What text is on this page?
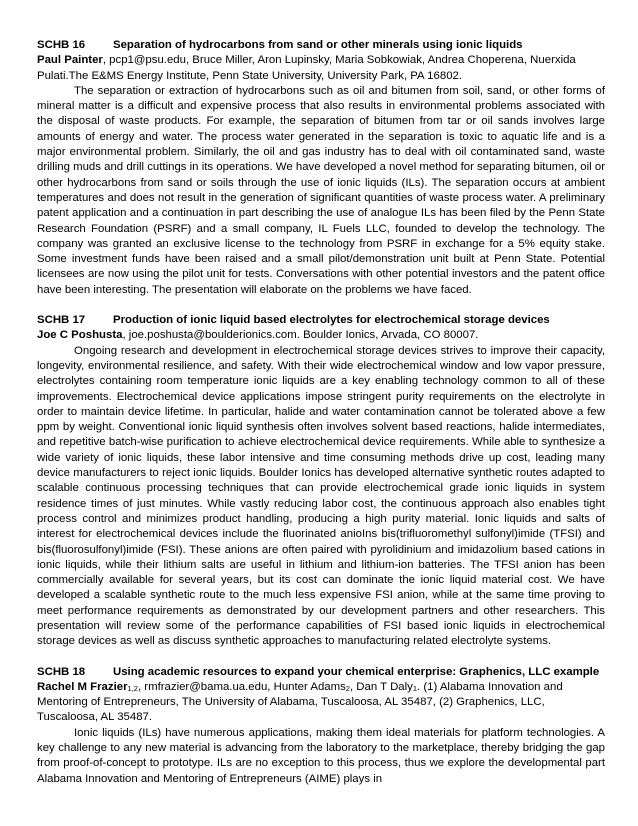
SCHB 16	Separation of hydrocarbons from sand or other minerals using ionic liquids

Paul Painter, pcp1@psu.edu, Bruce Miller, Aron Lupinsky, Maria Sobkowiak, Andrea Choperena, Nuerxida Pulati.The E&MS Energy Institute, Penn State University, University Park, PA 16802.

The separation or extraction of hydrocarbons such as oil and bitumen from soil, sand, or other forms of mineral matter is a difficult and expensive process that also results in environmental problems associated with the disposal of waste products. For example, the separation of bitumen from tar or oil sands involves large amounts of energy and water. The process water generated in the separation is toxic to aquatic life and is a major environmental problem. Similarly, the oil and gas industry has to deal with oil contaminated sand, waste drilling muds and drill cuttings in its operations. We have developed a novel method for separating bitumen, oil or other hydrocarbons from sand or soils through the use of ionic liquids (ILs). The separation occurs at ambient temperatures and does not result in the generation of significant quantities of waste process water. A preliminary patent application and a continuation in part describing the use of analogue ILs has been filed by the Penn State Research Foundation (PSRF) and a small company, IL Fuels LLC, founded to develop the technology. The company was granted an exclusive license to the technology from PSRF in exchange for a 5% equity stake. Some investment funds have been raised and a small pilot/demonstration unit built at Penn State. Potential licensees are now using the pilot unit for tests. Conversations with other potential investors and the patent office have been interesting. The presentation will elaborate on the problems we have faced.

SCHB 17	Production of ionic liquid based electrolytes for electrochemical storage devices

Joe C Poshusta, joe.poshusta@boulderionics.com. Boulder Ionics, Arvada, CO 80007.

Ongoing research and development in electrochemical storage devices strives to improve their capacity, longevity, environmental resilience, and safety. With their wide electrochemical window and low vapor pressure, electrolytes containing room temperature ionic liquids are a key enabling technology common to all of these improvements. Electrochemical device applications impose stringent purity requirements on the electrolyte in order to maintain device lifetime. In particular, halide and water contamination cannot be tolerated above a few ppm by weight. Conventional ionic liquid synthesis often involves solvent based reactions, halide intermediates, and repetitive batch-wise purification to achieve electrochemical device requirements. While able to synthesize a wide variety of ionic liquids, these labor intensive and time consuming methods drive up cost, leading many device manufacturers to reject ionic liquids. Boulder Ionics has developed alternative synthetic routes adapted to scalable continuous processing techniques that can provide electrochemical grade ionic liquids in system residence times of just minutes. While vastly reducing labor cost, the continuous approach also enables tight process control and minimizes product handling, producing a high purity material. Ionic liquids and salts of interest for electrochemical devices include the fluorinated anioIns bis(trifluoromethyl sulfonyl)imide (TFSI) and bis(fluorosulfonyl)imide (FSI). These anions are often paired with pyrolidinium and imidazolium based cations in ionic liquids, while their lithium salts are useful in lithium and lithium-ion batteries. The TFSI anion has been commercially available for several years, but its cost can dominate the ionic liquid material cost. We have developed a scalable synthetic route to the much less expensive FSI anion, while at the same time proving to meet performance requirements as demonstrated by our development partners and other researchers. This presentation will review some of the performance capabilities of FSI based ionic liquids in electrochemical storage devices as well as discuss synthetic approaches to manufacturing related electrolyte systems.

SCHB 18	Using academic resources to expand your chemical enterprise: Graphenics, LLC example

Rachel M Frazier1,2, rmfrazier@bama.ua.edu, Hunter Adams2, Dan T Daly1. (1) Alabama Innovation and Mentoring of Entrepreneurs, The University of Alabama, Tuscaloosa, AL 35487, (2) Graphenics, LLC, Tuscaloosa, AL 35487.

Ionic liquids (ILs) have numerous applications, making them ideal materials for platform technologies. A key challenge to any new material is advancing from the laboratory to the marketplace, thereby bridging the gap from proof-of-concept to prototype. ILs are no exception to this process, thus we explore the developmental part Alabama Innovation and Mentoring of Entrepreneurs (AIME) plays in
